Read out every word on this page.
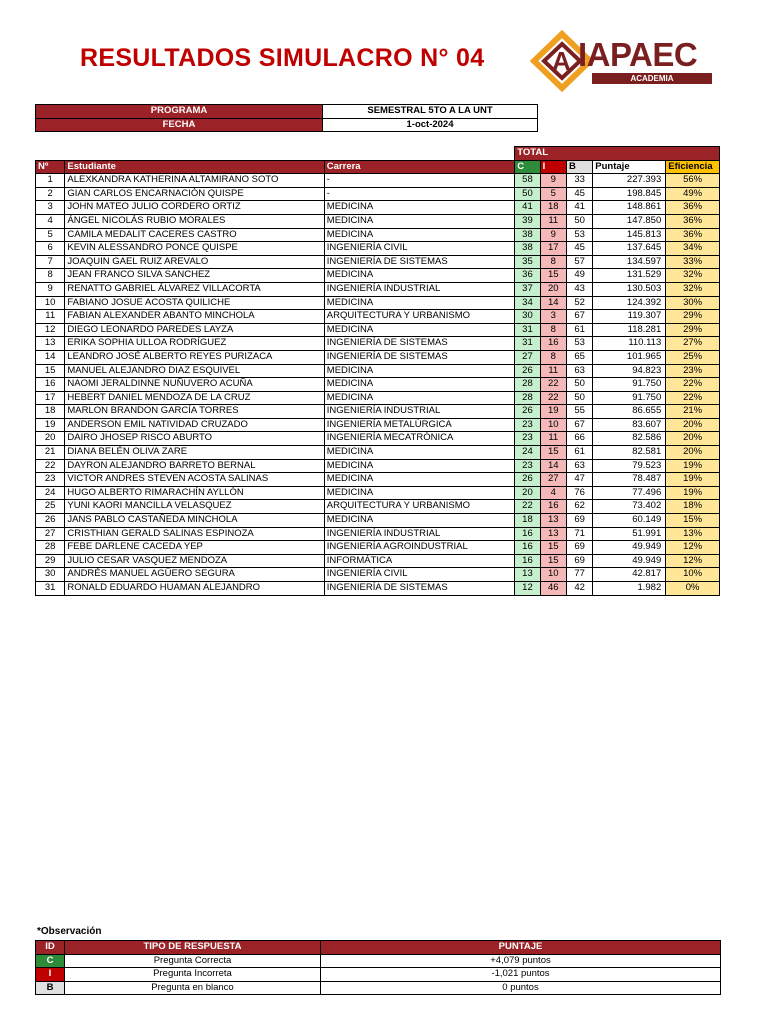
RESULTADOS SIMULACRO N° 04	A IAPAEC
ACADEMIA PREUNIVERSITARIA
PROGRAMA	SEMESTRAL 5TO A LA UNT
FECHA	1-oct-2024
			TOTAL				
Nº	Estudiante	Carrera	C	I	B	Puntaje	Eficiencia
1	ALEXKANDRA KATHERINA ALTAMIRANO SOTO	-	58	9	33	227.393	56%
2	GIAN CARLOS ENCARNACIÓN QUISPE	-	50	5	45	198.845	49%
3	JOHN MATEO JULIO CORDERO ORTIZ	MEDICINA	41	18	41	148.861	36%
4	ÁNGEL NICOLÁS RUBIO MORALES	MEDICINA	39	11	50	147.850	36%
5	CAMILA MEDALIT CACERES CASTRO	MEDICINA	38	9	53	145.813	36%
6	KEVIN ALESSANDRO PONCE QUISPE	INGENIERÍA CIVIL	38	17	45	137.645	34%
7	JOAQUIN GAEL RUIZ AREVALO	INGENIERÍA DE SISTEMAS	35	8	57	134.597	33%
8	JEAN FRANCO SILVA SANCHEZ	MEDICINA	36	15	49	131.529	32%
9	RENATTO GABRIEL ÁLVAREZ VILLACORTA	INGENIERÍA INDUSTRIAL	37	20	43	130.503	32%
10	FABIANO JOSUE ACOSTA QUILICHE	MEDICINA	34	14	52	124.392	30%
11	FABIAN ALEXANDER ABANTO MINCHOLA	ARQUITECTURA Y URBANISMO	30	3	67	119.307	29%
12	DIEGO LEONARDO PAREDES LAYZA	MEDICINA	31	8	61	118.281	29%
13	ERIKA SOPHIA ULLOA RODRÍGUEZ	INGENIERÍA DE SISTEMAS	31	16	53	110.113	27%
14	LEANDRO JOSÉ ALBERTO REYES PURIZACA	INGENIERÍA DE SISTEMAS	27	8	65	101.965	25%
15	MANUEL ALEJANDRO DIAZ ESQUIVEL	MEDICINA	26	11	63	94.823	23%
16	NAOMI JERALDINNE NUÑUVERO ACUÑA	MEDICINA	28	22	50	91.750	22%
17	HEBERT DANIEL MENDOZA DE LA CRUZ	MEDICINA	28	22	50	91.750	22%
18	MARLON BRANDON GARCÍA TORRES	INGENIERÍA INDUSTRIAL	26	19	55	86.655	21%
19	ANDERSON EMIL NATIVIDAD CRUZADO	INGENIERÍA METALÚRGICA	23	10	67	83.607	20%
20	DAIRO JHOSEP RISCO ABURTO	INGENIERÍA MECATRÓNICA	23	11	66	82.586	20%
21	DIANA BELÉN OLIVA ZARE	MEDICINA	24	15	61	82.581	20%
22	DAYRON ALEJANDRO BARRETO BERNAL	MEDICINA	23	14	63	79.523	19%
23	VICTOR ANDRES STEVEN ACOSTA SALINAS	MEDICINA	26	27	47	78.487	19%
24	HUGO ALBERTO RIMARACHÍN AYLLÓN	MEDICINA	20	4	76	77.496	19%
25	YUNI KAORI MANCILLA VELASQUEZ	ARQUITECTURA Y URBANISMO	22	16	62	73.402	18%
26	JANS PABLO CASTAÑEDA MINCHOLA	MEDICINA	18	13	69	60.149	15%
27	CRISTHIAN GERALD SALINAS ESPINOZA	INGENIERÍA INDUSTRIAL	16	13	71	51.991	13%
28	FEBE DARLENE CACEDA YEP	INGENIERÍA AGROINDUSTRIAL	16	15	69	49.949	12%
29	JULIO CESAR VASQUEZ MENDOZA	INFORMÁTICA	16	15	69	49.949	12%
30	ANDRÉS MANUEL AGÜERO SEGURA	INGENIERÍA CIVIL	13	10	77	42.817	10%
31	RONALD EDUARDO HUAMAN ALEJANDRO	INGENIERÍA DE SISTEMAS	12	46	42	1.982	0%
*Observación
ID	TIPO DE RESPUESTA	PUNTAJE
C	Pregunta Correcta	+4,079 puntos
I	Pregunta Incorreta	-1,021 puntos
B	Pregunta en blanco	0 puntos
